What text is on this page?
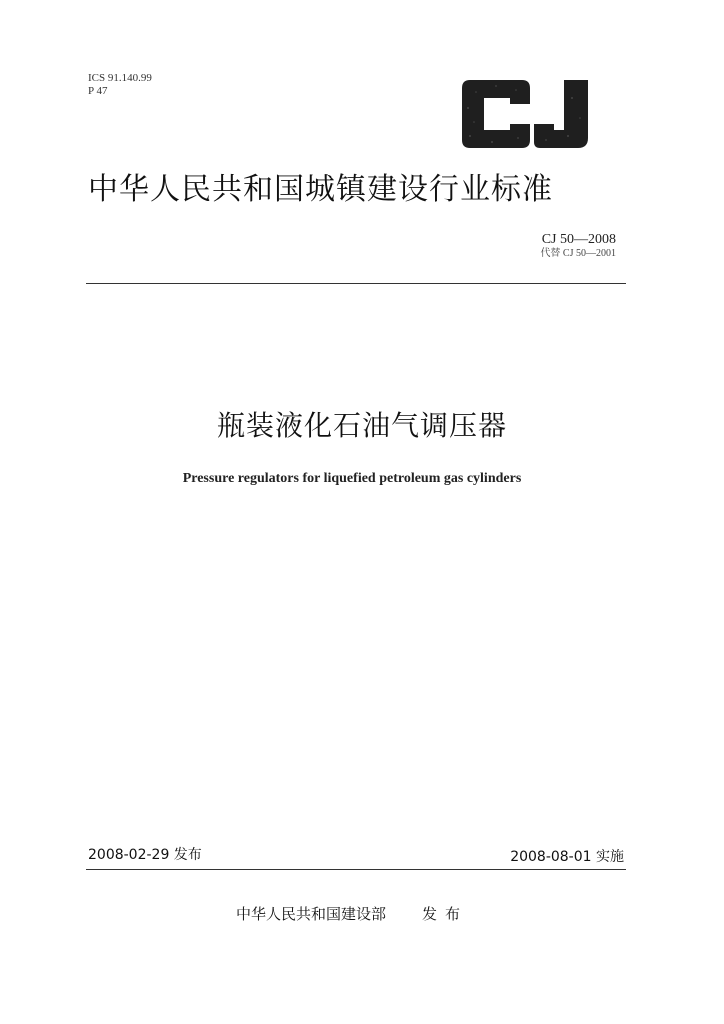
ICS 91.140.99
P 47
中华人民共和国城镇建设行业标准
CJ 50—2008
代替 CJ 50—2001
瓶装液化石油气调压器
Pressure regulators for liquefied petroleum gas cylinders
2008-02-29 发布	2008-08-01 实施
中华人民共和国建设部 发布
